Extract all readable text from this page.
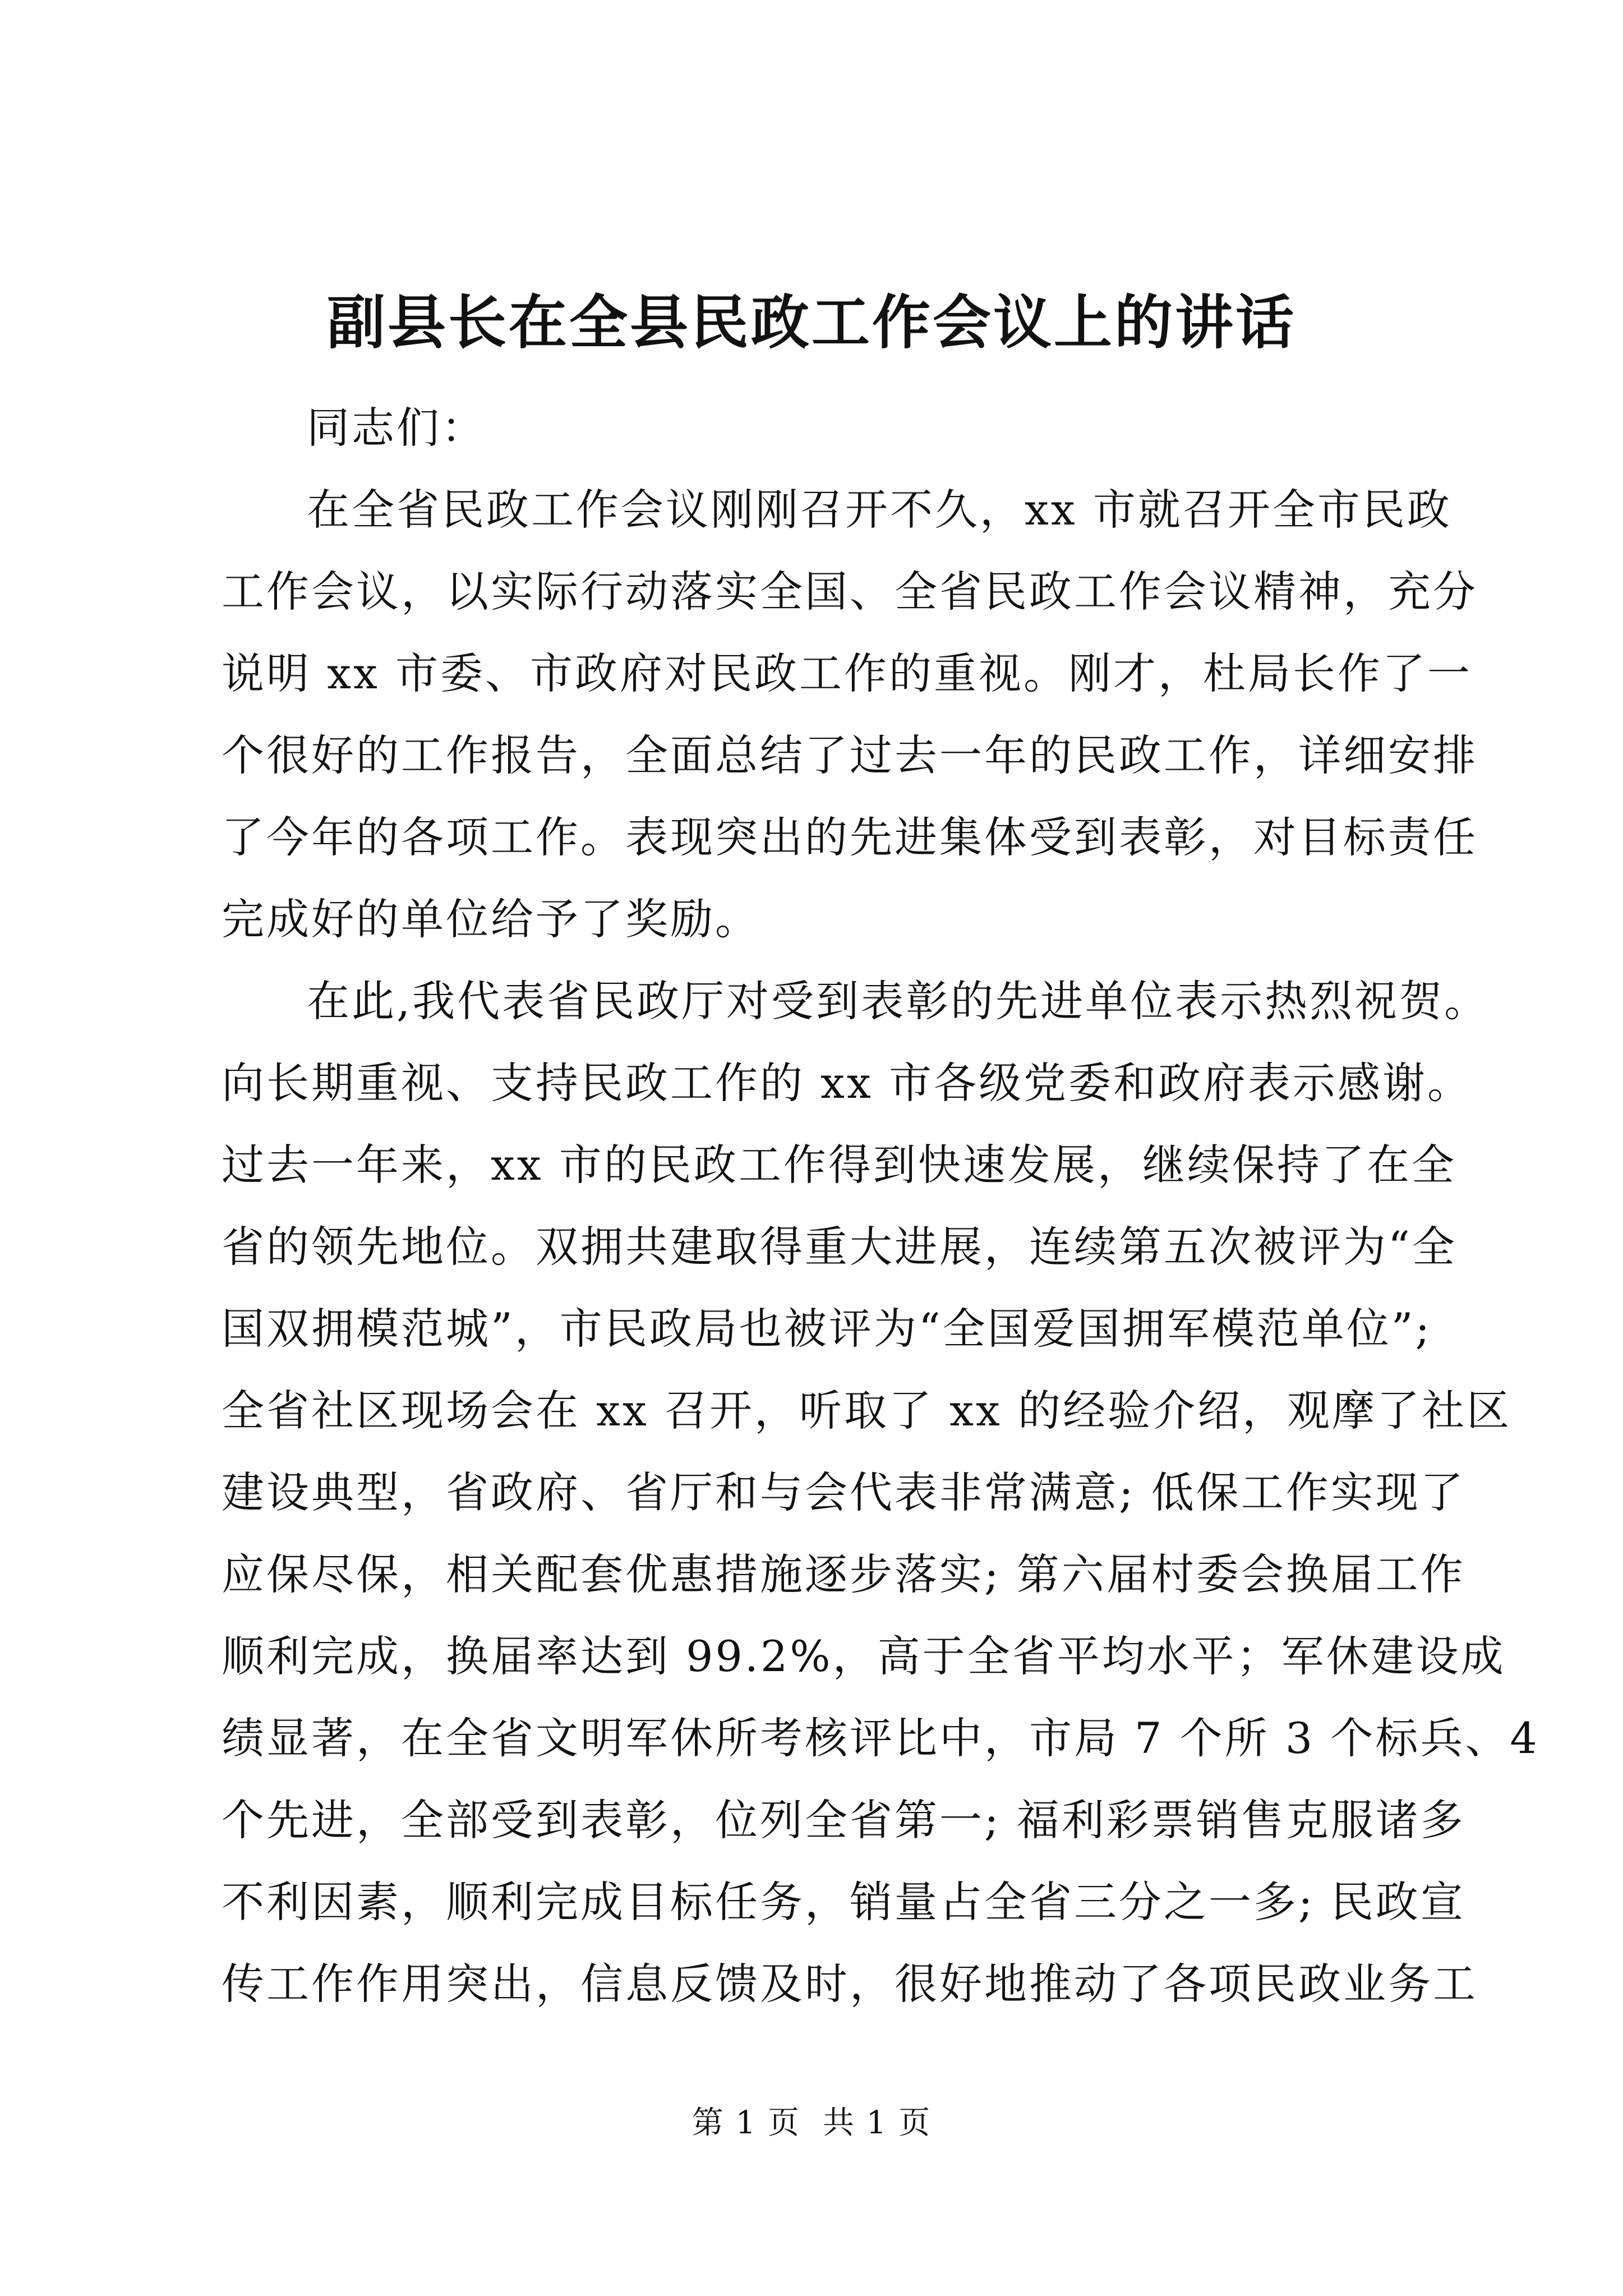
副县长在全县民政工作会议上的讲话
同志们：
在全省民政工作会议刚刚召开不久，xx 市就召开全市民政
工作会议，以实际行动落实全国、全省民政工作会议精神，充分
说明 xx 市委、市政府对民政工作的重视。刚才，杜局长作了一
个很好的工作报告，全面总结了过去一年的民政工作，详细安排
了今年的各项工作。表现突出的先进集体受到表彰，对目标责任
完成好的单位给予了奖励。
在此,我代表省民政厅对受到表彰的先进单位表示热烈祝贺。
向长期重视、支持民政工作的 xx 市各级党委和政府表示感谢。
过去一年来，xx 市的民政工作得到快速发展，继续保持了在全
省的领先地位。双拥共建取得重大进展，连续第五次被评为“全
国双拥模范城”，市民政局也被评为“全国爱国拥军模范单位”;
全省社区现场会在 xx 召开，听取了 xx 的经验介绍，观摩了社区
建设典型，省政府、省厅和与会代表非常满意; 低保工作实现了
应保尽保，相关配套优惠措施逐步落实; 第六届村委会换届工作
顺利完成，换届率达到 99.2%，高于全省平均水平；军休建设成
绩显著，在全省文明军休所考核评比中，市局 7 个所 3 个标兵、4
个先进，全部受到表彰，位列全省第一; 福利彩票销售克服诸多
不利因素，顺利完成目标任务，销量占全省三分之一多; 民政宣
传工作作用突出，信息反馈及时，很好地推动了各项民政业务工
第 1 页 共 1 页
